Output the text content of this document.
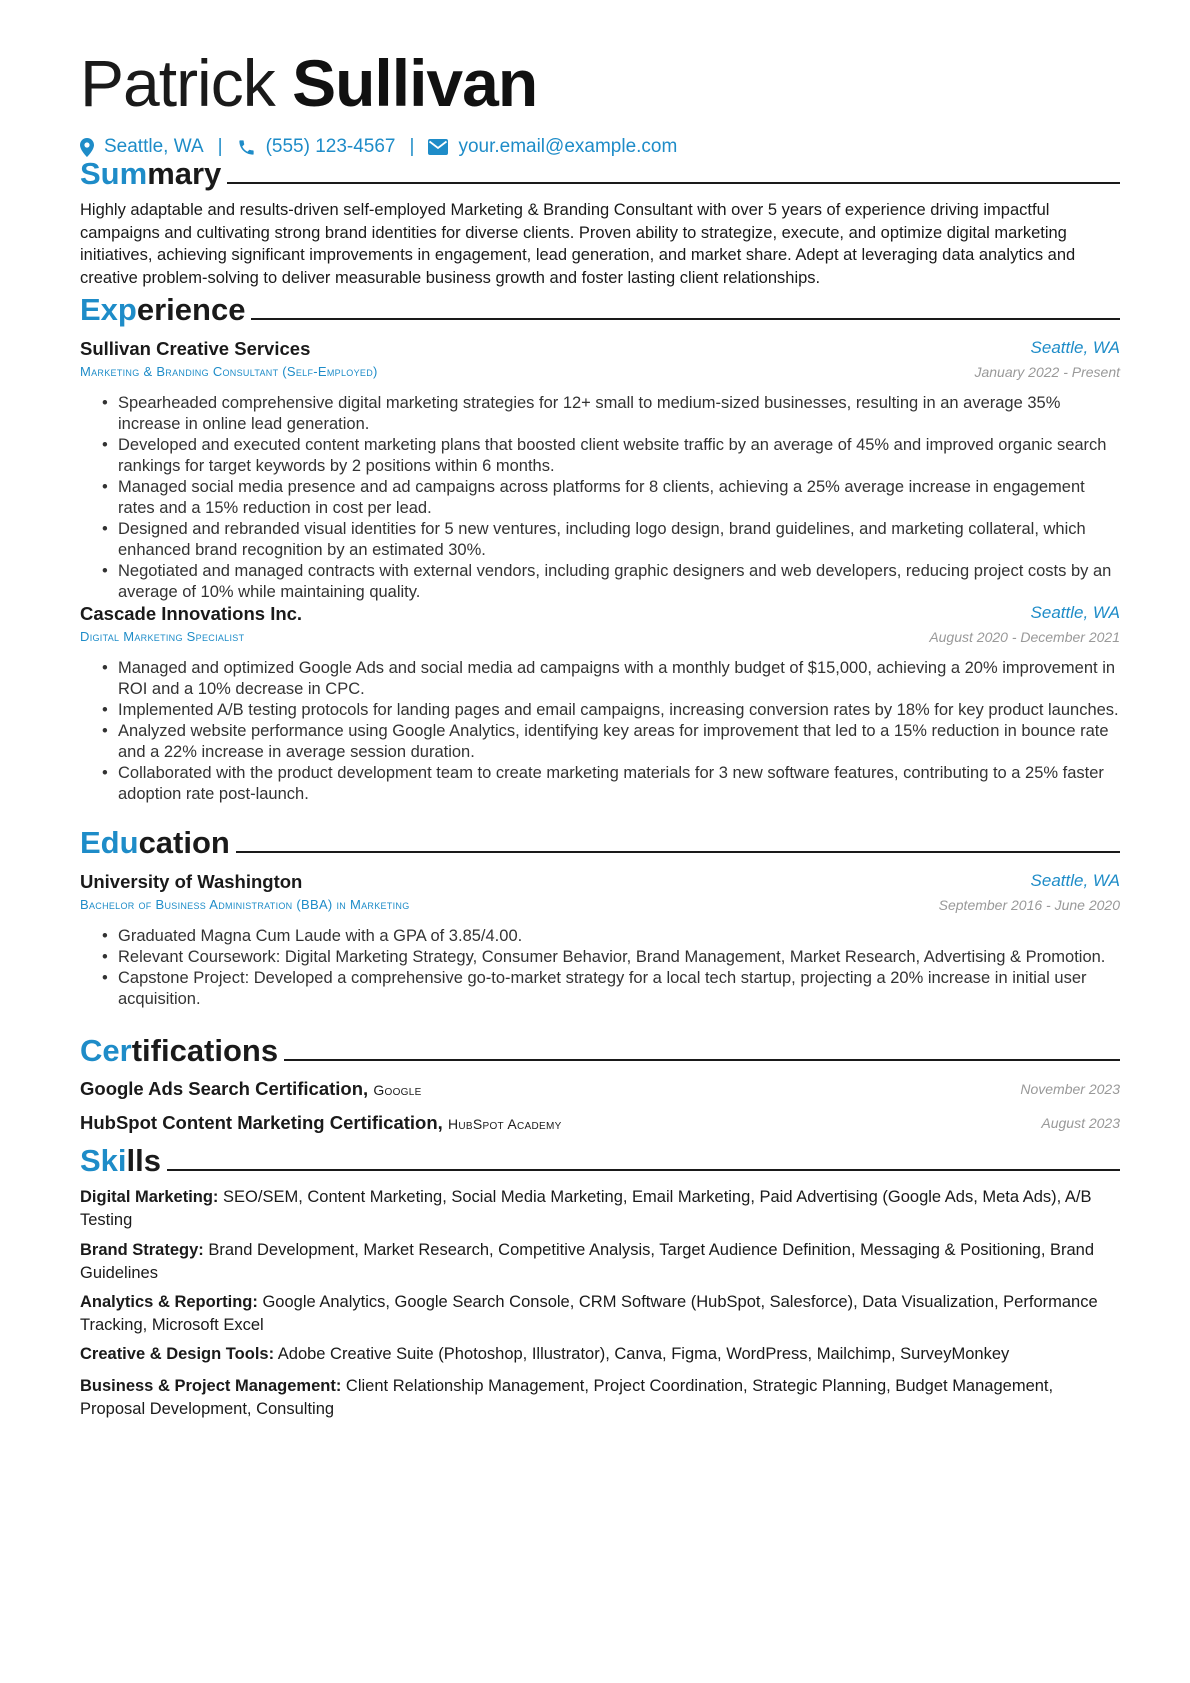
Patrick Sullivan
Seattle, WA | (555) 123-4567 | your.email@example.com
Summary
Highly adaptable and results-driven self-employed Marketing & Branding Consultant with over 5 years of experience driving impactful campaigns and cultivating strong brand identities for diverse clients. Proven ability to strategize, execute, and optimize digital marketing initiatives, achieving significant improvements in engagement, lead generation, and market share. Adept at leveraging data analytics and creative problem-solving to deliver measurable business growth and foster lasting client relationships.
Experience
Sullivan Creative Services	Seattle, WA
Marketing & Branding Consultant (Self-Employed)	January 2022 - Present
• Spearheaded comprehensive digital marketing strategies for 12+ small to medium-sized businesses, resulting in an average 35% increase in online lead generation.
• Developed and executed content marketing plans that boosted client website traffic by an average of 45% and improved organic search rankings for target keywords by 2 positions within 6 months.
• Managed social media presence and ad campaigns across platforms for 8 clients, achieving a 25% average increase in engagement rates and a 15% reduction in cost per lead.
• Designed and rebranded visual identities for 5 new ventures, including logo design, brand guidelines, and marketing collateral, which enhanced brand recognition by an estimated 30%.
• Negotiated and managed contracts with external vendors, including graphic designers and web developers, reducing project costs by an average of 10% while maintaining quality.
Cascade Innovations Inc.	Seattle, WA
Digital Marketing Specialist	August 2020 - December 2021
• Managed and optimized Google Ads and social media ad campaigns with a monthly budget of $15,000, achieving a 20% improvement in ROI and a 10% decrease in CPC.
• Implemented A/B testing protocols for landing pages and email campaigns, increasing conversion rates by 18% for key product launches.
• Analyzed website performance using Google Analytics, identifying key areas for improvement that led to a 15% reduction in bounce rate and a 22% increase in average session duration.
• Collaborated with the product development team to create marketing materials for 3 new software features, contributing to a 25% faster adoption rate post-launch.
Education
University of Washington	Seattle, WA
Bachelor of Business Administration (BBA) in Marketing	September 2016 - June 2020
• Graduated Magna Cum Laude with a GPA of 3.85/4.00.
• Relevant Coursework: Digital Marketing Strategy, Consumer Behavior, Brand Management, Market Research, Advertising & Promotion.
• Capstone Project: Developed a comprehensive go-to-market strategy for a local tech startup, projecting a 20% increase in initial user acquisition.
Certifications
Google Ads Search Certification, Google	November 2023
HubSpot Content Marketing Certification, HubSpot Academy	August 2023
Skills
Digital Marketing: SEO/SEM, Content Marketing, Social Media Marketing, Email Marketing, Paid Advertising (Google Ads, Meta Ads), A/B Testing
Brand Strategy: Brand Development, Market Research, Competitive Analysis, Target Audience Definition, Messaging & Positioning, Brand Guidelines
Analytics & Reporting: Google Analytics, Google Search Console, CRM Software (HubSpot, Salesforce), Data Visualization, Performance Tracking, Microsoft Excel
Creative & Design Tools: Adobe Creative Suite (Photoshop, Illustrator), Canva, Figma, WordPress, Mailchimp, SurveyMonkey
Business & Project Management: Client Relationship Management, Project Coordination, Strategic Planning, Budget Management, Proposal Development, Consulting
